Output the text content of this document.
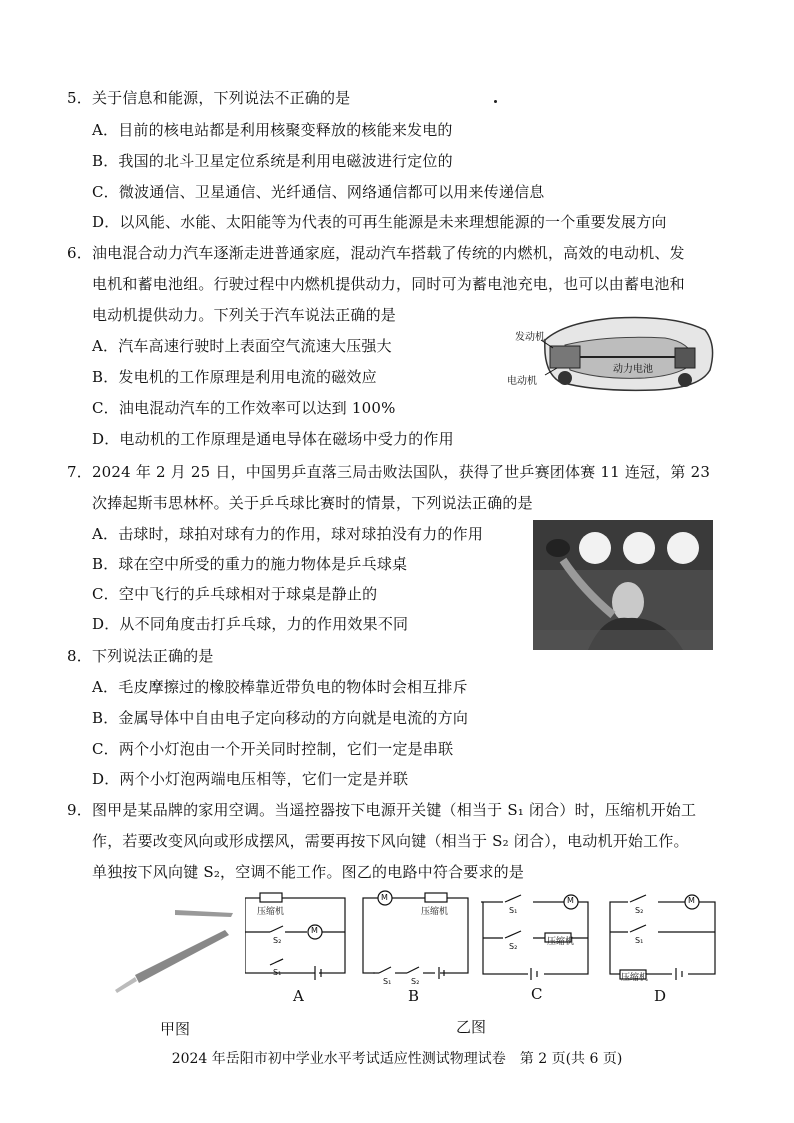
5．关于信息和能源，下列说法不正确的是
A．目前的核电站都是利用核聚变释放的核能来发电的
B．我国的北斗卫星定位系统是利用电磁波进行定位的
C．微波通信、卫星通信、光纤通信、网络通信都可以用来传递信息
D．以风能、水能、太阳能等为代表的可再生能源是未来理想能源的一个重要发展方向
6．油电混合动力汽车逐渐走进普通家庭，混动汽车搭载了传统的内燃机，高效的电动机、发
电机和蓄电池组。行驶过程中内燃机提供动力，同时可为蓄电池充电，也可以由蓄电池和
电动机提供动力。下列关于汽车说法正确的是
A．汽车高速行驶时上表面空气流速大压强大
B．发电机的工作原理是利用电流的磁效应
C．油电混动汽车的工作效率可以达到 100%
D．电动机的工作原理是通电导体在磁场中受力的作用
发动机
动力电池
电动机
7．2024 年 2 月 25 日，中国男乒直落三局击败法国队，获得了世乒赛团体赛 11 连冠，第 23
次捧起斯韦思林杯。关于乒乓球比赛时的情景，下列说法正确的是
A．击球时，球拍对球有力的作用，球对球拍没有力的作用
B．球在空中所受的重力的施力物体是乒乓球桌
C．空中飞行的乒乓球相对于球桌是静止的
D．从不同角度击打乒乓球，力的作用效果不同
8．下列说法正确的是
A．毛皮摩擦过的橡胶棒靠近带负电的物体时会相互排斥
B．金属导体中自由电子定向移动的方向就是电流的方向
C．两个小灯泡由一个开关同时控制，它们一定是串联
D．两个小灯泡两端电压相等，它们一定是并联
9．图甲是某品牌的家用空调。当遥控器按下电源开关键（相当于 S₁ 闭合）时，压缩机开始工
作，若要改变风向或形成摆风，需要再按下风向键（相当于 S₂ 闭合），电动机开始工作。
单独按下风向键 S₂，空调不能工作。图乙的电路中符合要求的是
压缩机
M
S₂
S₁
M
压缩机
S₁ S₂
S₁
M
S₂	压缩机
S₂
M
S₁
压缩机
A	B	C	D
甲图	乙图
2024 年岳阳市初中学业水平考试适应性测试物理试卷　第 2 页(共 6 页)
